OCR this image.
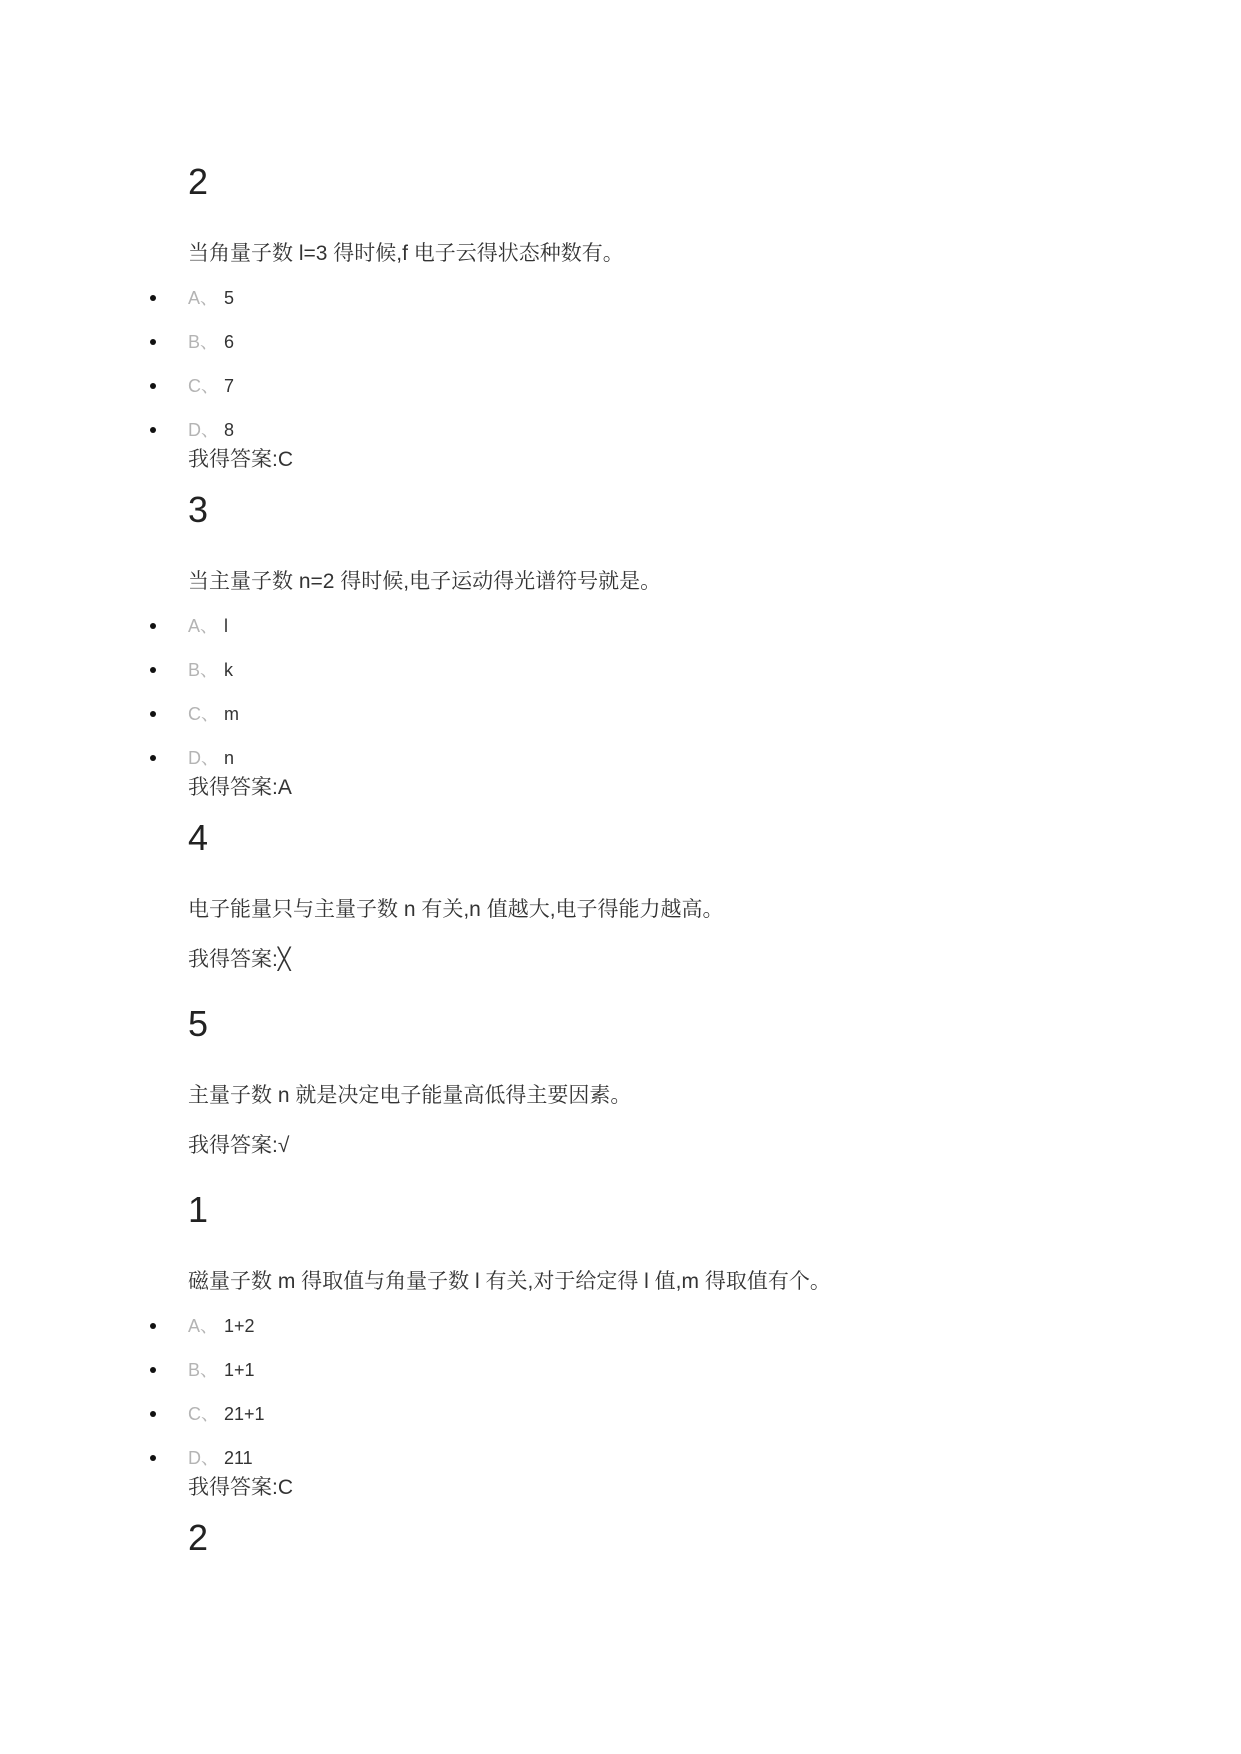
2
当角量子数 l=3 得时候,f 电子云得状态种数有。
A、 5
B、 6
C、 7
D、 8
我得答案:C
3
当主量子数 n=2 得时候,电子运动得光谱符号就是。
A、 l
B、 k
C、 m
D、 n
我得答案:A
4
电子能量只与主量子数 n 有关,n 值越大,电子得能力越高。
我得答案:╳
5
主量子数 n 就是决定电子能量高低得主要因素。
我得答案:√
1
磁量子数 m 得取值与角量子数 l 有关,对于给定得 l 值,m 得取值有个。
A、 1+2
B、 1+1
C、 21+1
D、 211
我得答案:C
2
